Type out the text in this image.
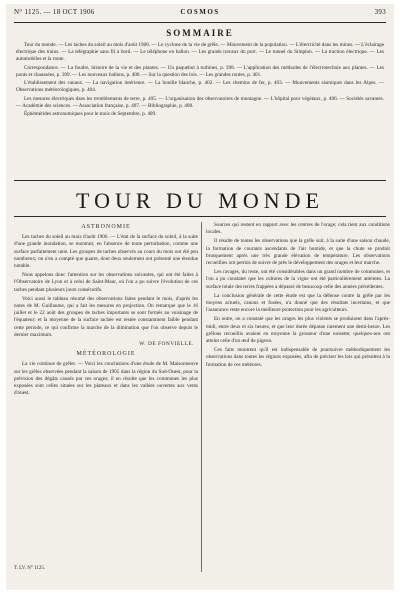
N° 1125. — 18 OCT 1906	COSMOS	393
SOMMAIRE

Tour du monde. — Les taches du soleil au mois d'août 1906. — Le cyclone de la vie de grêle. — Mouvement de la population. — L'électricité dans les mines. — L'éclairage électrique des trains. — La télégraphie sans fil à bord. — Le téléphone en ballon. — Les grands travaux du port. — Le tunnel du Simplon. — La traction électrique. — Les automobiles et la route.

Correspondance. — La foudre, histoire de la vie et des plantes. — Un paquebot à turbines, p. 398. — L'application des méthodes de l'électrotechnie aux plantes. — Les ponts et chaussées, p. 399. — Les nouveaux ballons, p. 400. — Sur la question des lois. — Les grandes routes, p. 401.

L'établissement des canaux. — La navigation intérieure. — La houille blanche, p. 402. — Les chemins de fer, p. 403. — Mouvements sismiques dans les Alpes. — Observations météorologiques, p. 404.

Les mesures électriques dans les tremblements de terre, p. 405. — L'organisation des observatoires de montagne. — L'hôpital pour végétaux, p. 406. — Sociétés savantes. — Académie des sciences. — Association française, p. 407. — Bibliographie, p. 408.

Éphémérides astronomiques pour le mois de Septembre, p. 409.

TOUR DU MONDE
ASTRONOMIE

Les taches du soleil au mois d'août 1906. — L'état de la surface du soleil, à la suite d'une grande inondation, se montrait, en l'absence de toute perturbation, comme une surface parfaitement unie. Les groupes de taches observés au cours du mois ont été peu nombreux; on n'en a compté que quatre, dont deux seulement ont présenté une étendue notable.

Nous appelons donc l'attention sur les observations suivantes, qui ont été faites à l'Observatoire de Lyon et à celui de Saint-Maur, où l'on a pu suivre l'évolution de ces taches pendant plusieurs jours consécutifs.

Voici aussi le tableau résumé des observations faites pendant le mois, d'après les notes de M. Guillaume, qui a fait les mesures en projection. On remarque que le 16 juillet et le 22 août des groupes de taches importants se sont formés au voisinage de l'équateur; et la moyenne de la surface tachée est restée constamment faible pendant cette période, ce qui confirme la marche de la diminution que l'on observe depuis le dernier maximum.

W. DE FONVIELLE.
MÉTÉOROLOGIE

La vie continue de grêler. — Voici les conclusions d'une étude de M. Maisonneuve sur les grêles observées pendant la saison de 1905 dans la région du Sud-Ouest, pour la prévision des dégâts causés par ces orages; il en résulte que les communes les plus exposées sont celles situées sur les plateaux et dans les vallées ouvertes aux vents d'ouest.

T. LV. N° 1125.

Sources qui restent en rapport avec les centres de l'orage; cela tient aux conditions locales.

Il résulte de toutes les observations que la grêle suit, à la suite d'une saison chaude, la formation de courants ascendants de l'air humide, et que la chute se produit brusquement après une très grande élévation de température. Les observations recueillies ont permis de suivre de près le développement des orages et leur marche.

Les ravages, du reste, ont été considérables dans un grand nombre de communes, et l'on a pu constater que les cultures de la vigne ont été particulièrement atteintes. La surface totale des terres frappées a dépassé de beaucoup celle des années précédentes.

La conclusion générale de cette étude est que la défense contre la grêle par les moyens actuels, canons et fusées, n'a donné que des résultats incertains, et que l'assurance reste encore la meilleure protection pour les agriculteurs.

En outre, on a constaté que les orages les plus violents se produisent dans l'après-midi, entre deux et six heures, et que leur durée dépasse rarement une demi-heure. Les grêlons recueillis avaient en moyenne la grosseur d'une noisette; quelques-uns ont atteint celle d'un œuf de pigeon.

Ces faits montrent qu'il est indispensable de poursuivre méthodiquement les observations dans toutes les régions exposées, afin de préciser les lois qui président à la formation de ces météores.
